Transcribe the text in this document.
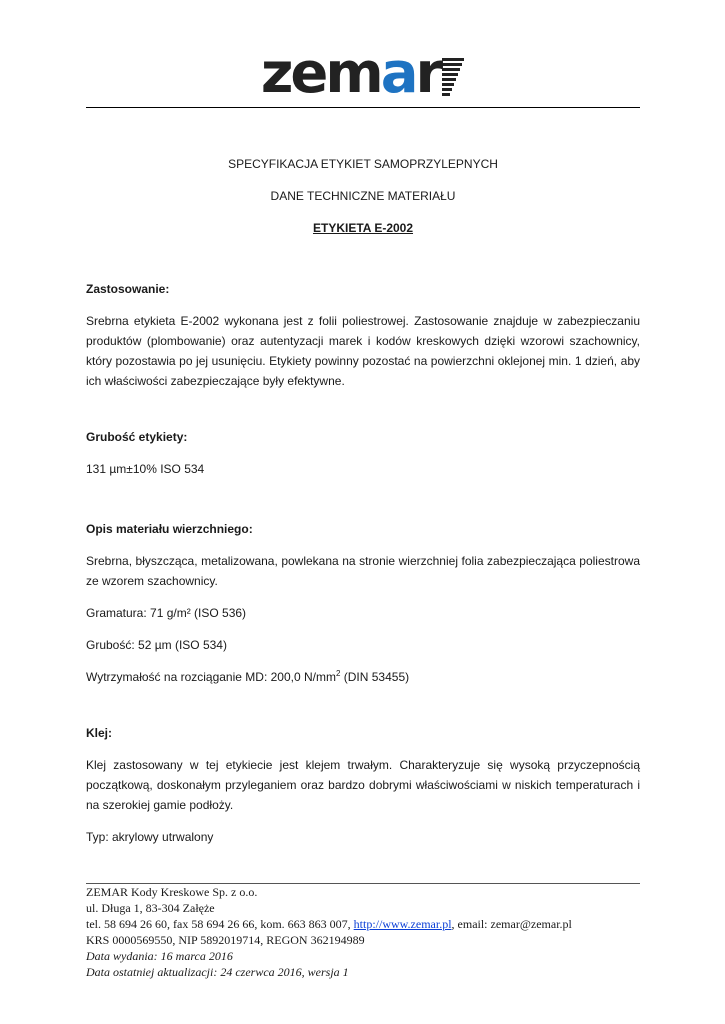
zemar
SPECYFIKACJA ETYKIET SAMOPRZYLEPNYCH
DANE TECHNICZNE MATERIAŁU
ETYKIETA E-2002
Zastosowanie:

Srebrna etykieta E-2002 wykonana jest z folii poliestrowej. Zastosowanie znajduje w zabezpieczaniu produktów (plombowanie) oraz autentyzacji marek i kodów kreskowych dzięki wzorowi szachownicy, który pozostawia po jej usunięciu. Etykiety powinny pozostać na powierzchni oklejonej min. 1 dzień, aby ich właściwości zabezpieczające były efektywne.

Grubość etykiety:

131 µm±10% ISO 534

Opis materiału wierzchniego:

Srebrna, błyszcząca, metalizowana, powlekana na stronie wierzchniej folia zabezpieczająca poliestrowa ze wzorem szachownicy.

Gramatura: 71 g/m² (ISO 536)

Grubość: 52 µm (ISO 534)

Wytrzymałość na rozciąganie MD: 200,0 $N/mm^2$ (DIN 53455)

Klej:

Klej zastosowany w tej etykiecie jest klejem trwałym. Charakteryzuje się wysoką przyczepnością początkową, doskonałym przyleganiem oraz bardzo dobrymi właściwościami w niskich temperaturach i na szerokiej gamie podłoży.

Typ: akrylowy utrwalony

ZEMAR Kody Kreskowe Sp. z o.o.
ul. Długa 1, 83-304 Załęże
tel. 58 694 26 60, fax 58 694 26 66, kom. 663 863 007, http://www.zemar.pl, email: zemar@zemar.pl
KRS 0000569550, NIP 5892019714, REGON 362194989
Data wydania: 16 marca 2016
Data ostatniej aktualizacji: 24 czerwca 2016, wersja 1
